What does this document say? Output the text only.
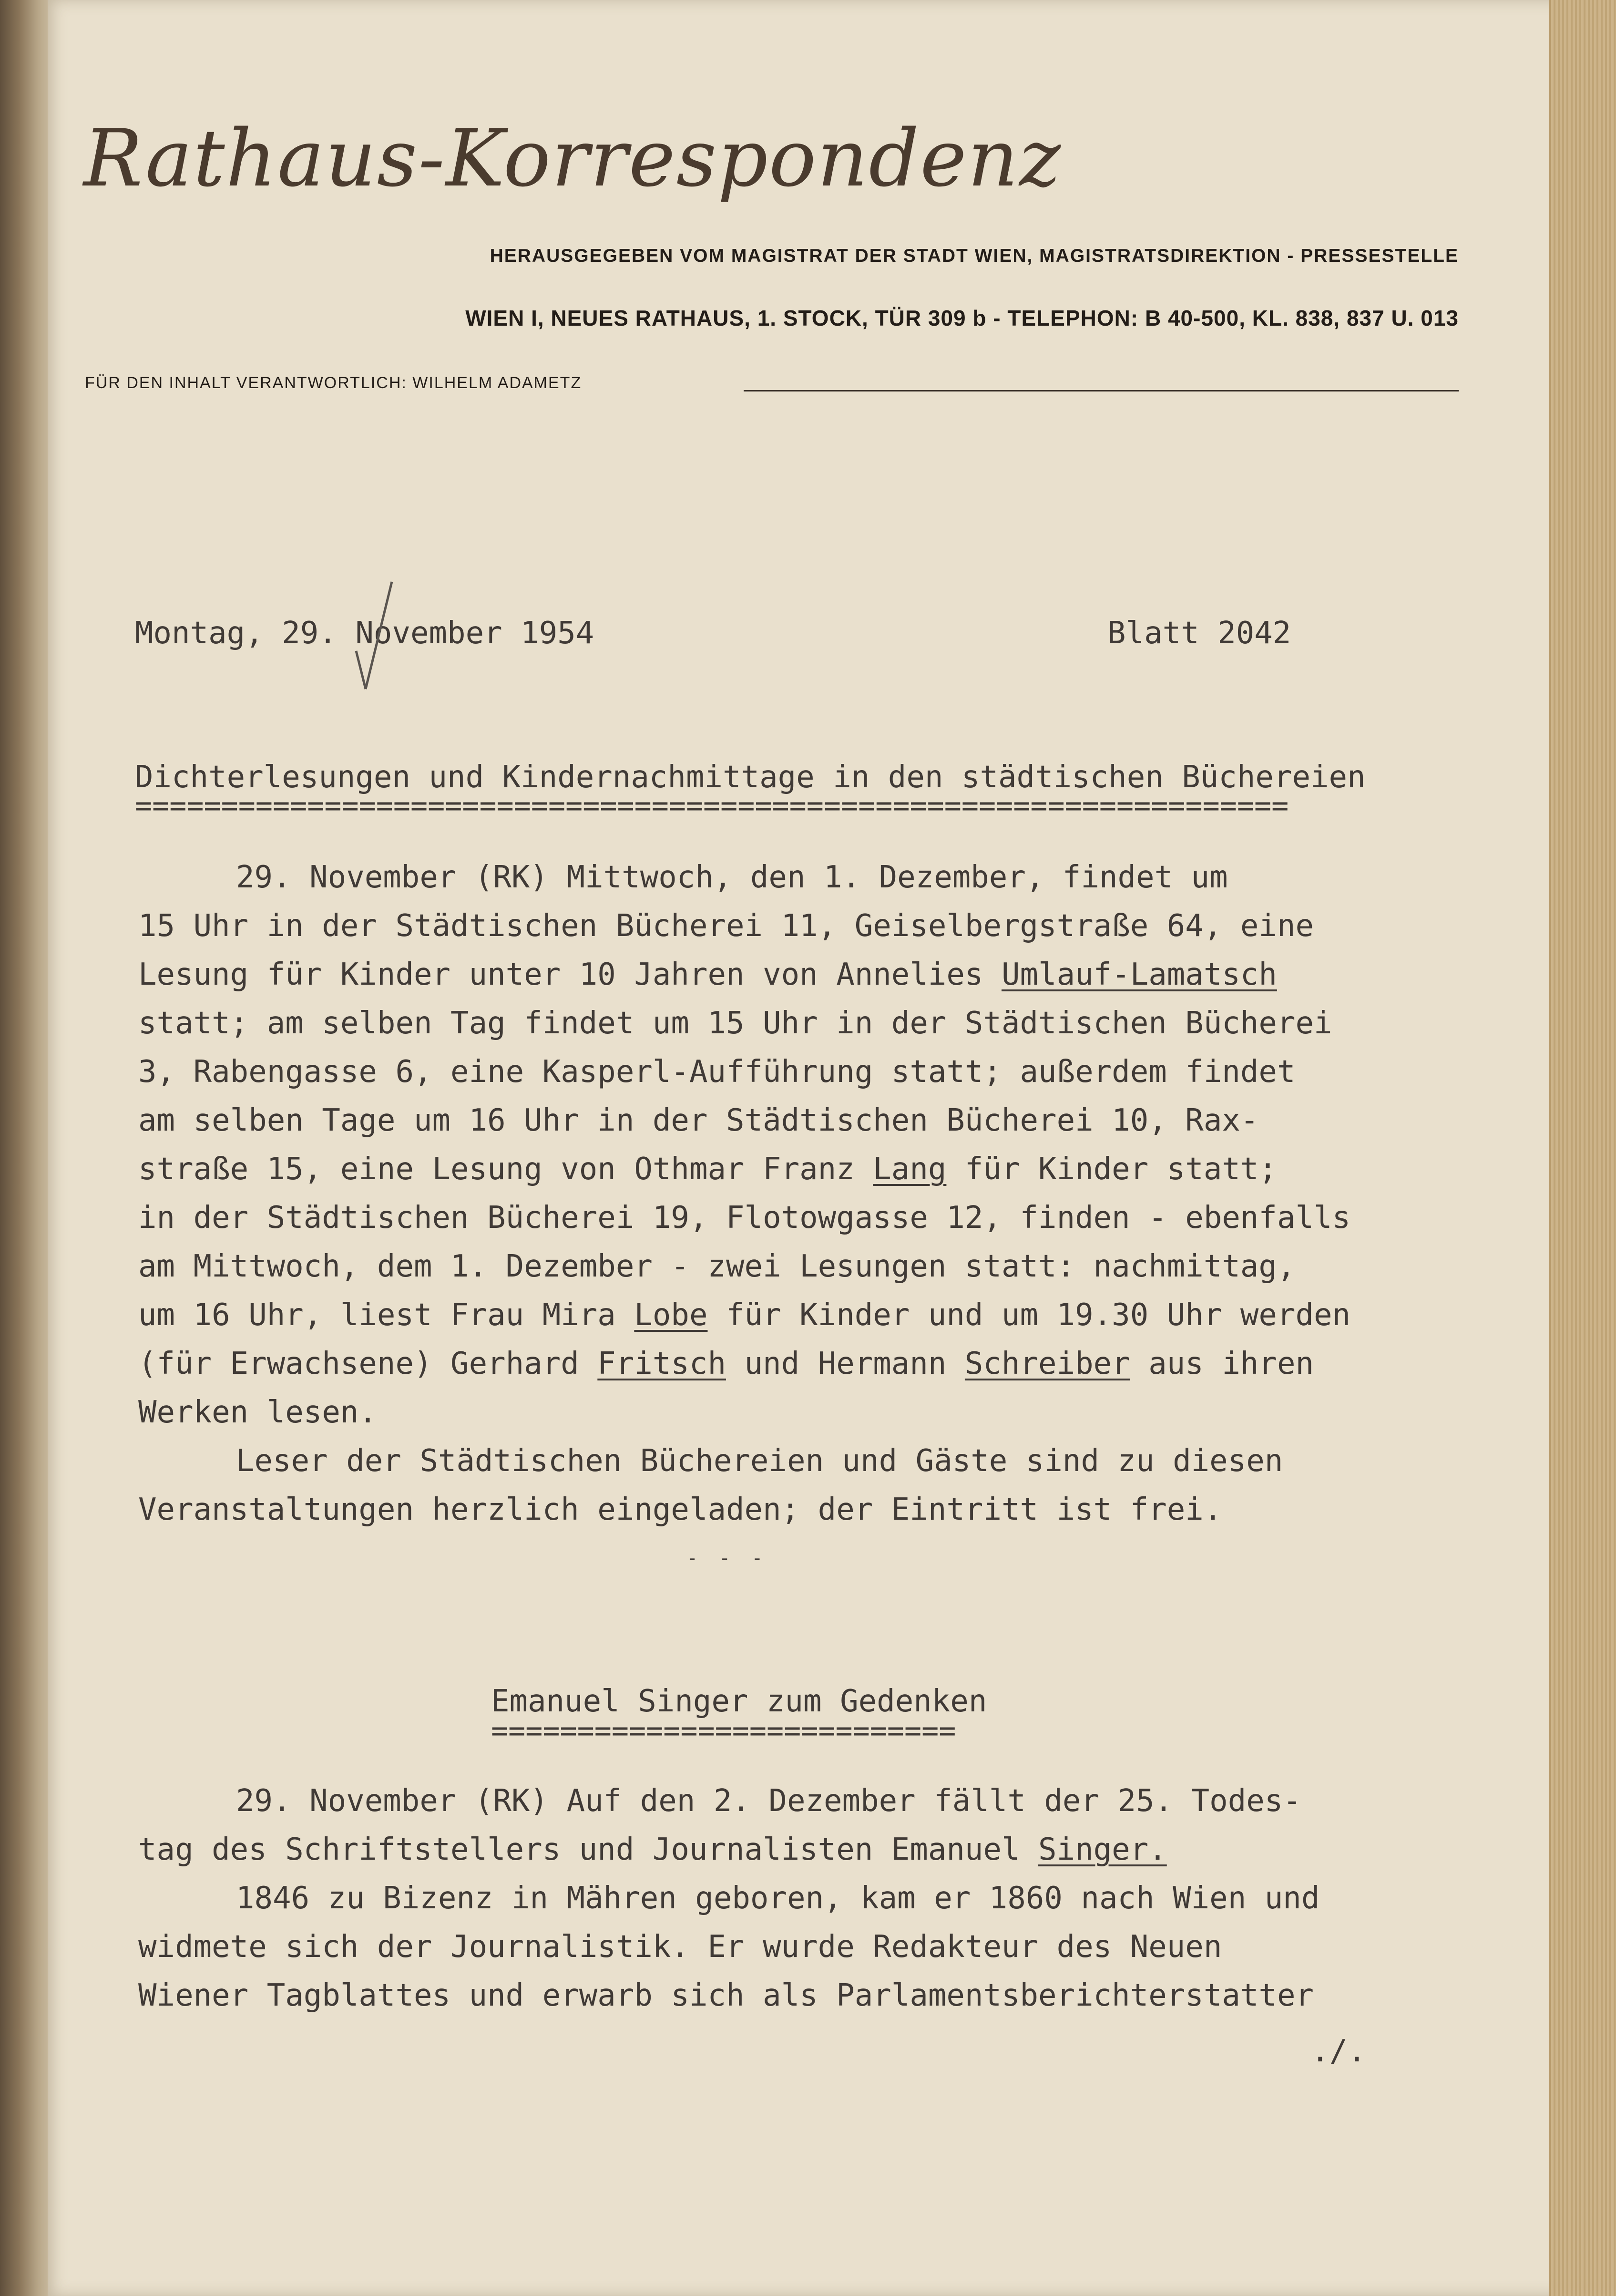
Rathaus-Korrespondenz
HERAUSGEGEBEN VOM MAGISTRAT DER STADT WIEN, MAGISTRATSDIREKTION - PRESSESTELLE
WIEN I, NEUES RATHAUS, 1. STOCK, TÜR 309 b - TELEPHON: B 40-500, KL. 838, 837 U. 013
FÜR DEN INHALT VERANTWORTLICH: WILHELM ADAMETZ
Montag, 29. November 1954	Blatt 2042
Dichterlesungen und Kindernachmittage in den städtischen Büchereien
===================================================================
29. November (RK) Mittwoch, den 1. Dezember, findet um
15 Uhr in der Städtischen Bücherei 11, Geiselbergstraße 64, eine
Lesung für Kinder unter 10 Jahren von Annelies Umlauf-Lamatsch
statt; am selben Tag findet um 15 Uhr in der Städtischen Bücherei
3, Rabengasse 6, eine Kasperl-Aufführung statt; außerdem findet
am selben Tage um 16 Uhr in der Städtischen Bücherei 10, Rax-
straße 15, eine Lesung von Othmar Franz Lang für Kinder statt;
in der Städtischen Bücherei 19, Flotowgasse 12, finden - ebenfalls
am Mittwoch, dem 1. Dezember - zwei Lesungen statt: nachmittag,
um 16 Uhr, liest Frau Mira Lobe für Kinder und um 19.30 Uhr werden
(für Erwachsene) Gerhard Fritsch und Hermann Schreiber aus ihren
Werken lesen.
Leser der Städtischen Büchereien und Gäste sind zu diesen
Veranstaltungen herzlich eingeladen; der Eintritt ist frei.
- - -
Emanuel Singer zum Gedenken
===========================
29. November (RK) Auf den 2. Dezember fällt der 25. Todes-
tag des Schriftstellers und Journalisten Emanuel Singer.
1846 zu Bizenz in Mähren geboren, kam er 1860 nach Wien und
widmete sich der Journalistik. Er wurde Redakteur des Neuen
Wiener Tagblattes und erwarb sich als Parlamentsberichterstatter
./.
